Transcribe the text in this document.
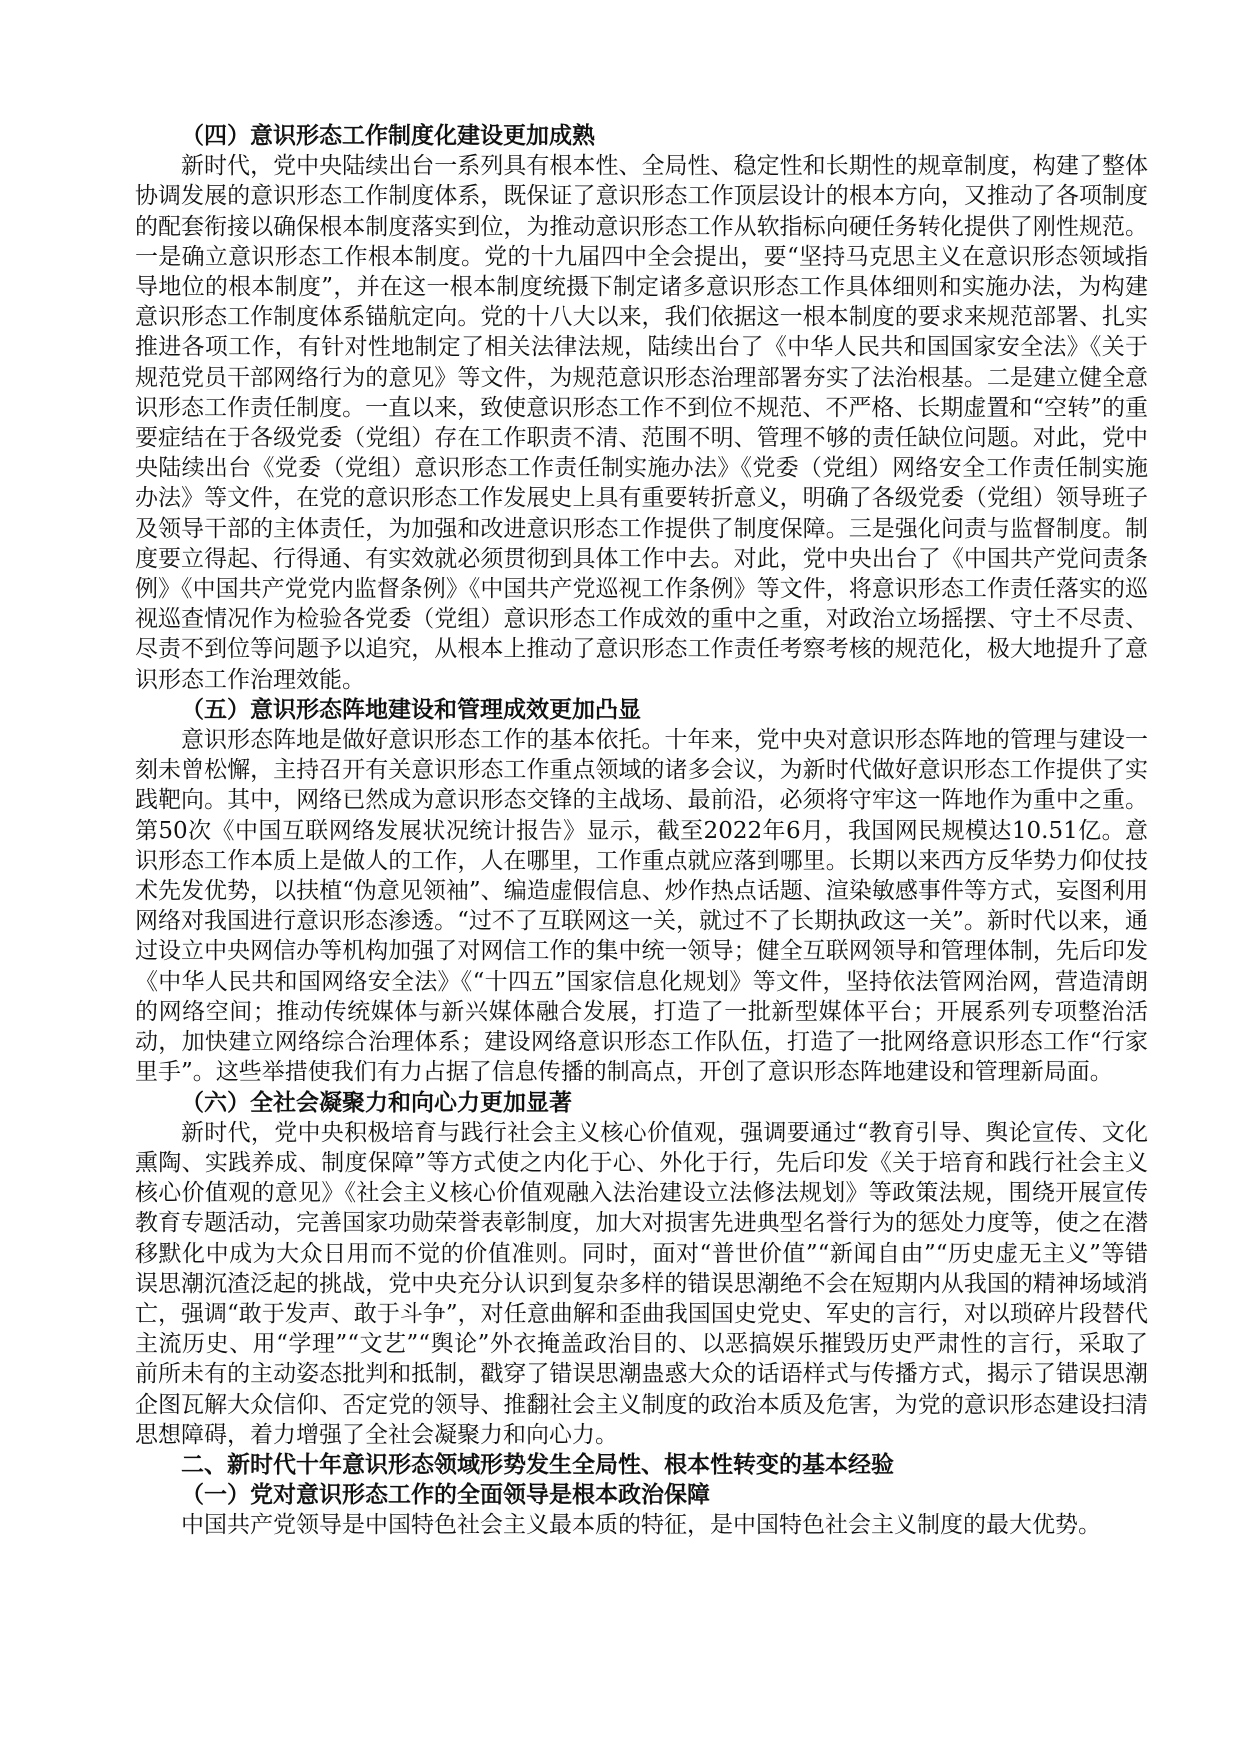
（四）意识形态工作制度化建设更加成熟

新时代，党中央陆续出台一系列具有根本性、全局性、稳定性和长期性的规章制度，构建了整体协调发展的意识形态工作制度体系，既保证了意识形态工作顶层设计的根本方向，又推动了各项制度的配套衔接以确保根本制度落实到位，为推动意识形态工作从软指标向硬任务转化提供了刚性规范。一是确立意识形态工作根本制度。党的十九届四中全会提出，要“坚持马克思主义在意识形态领域指导地位的根本制度”，并在这一根本制度统摄下制定诸多意识形态工作具体细则和实施办法，为构建意识形态工作制度体系锚航定向。党的十八大以来，我们依据这一根本制度的要求来规范部署、扎实推进各项工作，有针对性地制定了相关法律法规，陆续出台了《中华人民共和国国家安全法》《关于规范党员干部网络行为的意见》等文件，为规范意识形态治理部署夯实了法治根基。二是建立健全意识形态工作责任制度。一直以来，致使意识形态工作不到位不规范、不严格、长期虚置和“空转”的重要症结在于各级党委（党组）存在工作职责不清、范围不明、管理不够的责任缺位问题。对此，党中央陆续出台《党委（党组）意识形态工作责任制实施办法》《党委（党组）网络安全工作责任制实施办法》等文件，在党的意识形态工作发展史上具有重要转折意义，明确了各级党委（党组）领导班子及领导干部的主体责任，为加强和改进意识形态工作提供了制度保障。三是强化问责与监督制度。制度要立得起、行得通、有实效就必须贯彻到具体工作中去。对此，党中央出台了《中国共产党问责条例》《中国共产党党内监督条例》《中国共产党巡视工作条例》等文件，将意识形态工作责任落实的巡视巡查情况作为检验各党委（党组）意识形态工作成效的重中之重，对政治立场摇摆、守土不尽责、尽责不到位等问题予以追究，从根本上推动了意识形态工作责任考察考核的规范化，极大地提升了意识形态工作治理效能。

（五）意识形态阵地建设和管理成效更加凸显

意识形态阵地是做好意识形态工作的基本依托。十年来，党中央对意识形态阵地的管理与建设一刻未曾松懈，主持召开有关意识形态工作重点领域的诸多会议，为新时代做好意识形态工作提供了实践靶向。其中，网络已然成为意识形态交锋的主战场、最前沿，必须将守牢这一阵地作为重中之重。第50次《中国互联网络发展状况统计报告》显示，截至2022年6月，我国网民规模达10.51亿。意识形态工作本质上是做人的工作，人在哪里，工作重点就应落到哪里。长期以来西方反华势力仰仗技术先发优势，以扶植“伪意见领袖”、编造虚假信息、炒作热点话题、渲染敏感事件等方式，妄图利用网络对我国进行意识形态渗透。“过不了互联网这一关，就过不了长期执政这一关”。新时代以来，通过设立中央网信办等机构加强了对网信工作的集中统一领导；健全互联网领导和管理体制，先后印发《中华人民共和国网络安全法》《“十四五”国家信息化规划》等文件，坚持依法管网治网，营造清朗的网络空间；推动传统媒体与新兴媒体融合发展，打造了一批新型媒体平台；开展系列专项整治活动，加快建立网络综合治理体系；建设网络意识形态工作队伍，打造了一批网络意识形态工作“行家里手”。这些举措使我们有力占据了信息传播的制高点，开创了意识形态阵地建设和管理新局面。

（六）全社会凝聚力和向心力更加显著

新时代，党中央积极培育与践行社会主义核心价值观，强调要通过“教育引导、舆论宣传、文化熏陶、实践养成、制度保障”等方式使之内化于心、外化于行，先后印发《关于培育和践行社会主义核心价值观的意见》《社会主义核心价值观融入法治建设立法修法规划》等政策法规，围绕开展宣传教育专题活动，完善国家功勋荣誉表彰制度，加大对损害先进典型名誉行为的惩处力度等，使之在潜移默化中成为大众日用而不觉的价值准则。同时，面对“普世价值”“新闻自由”“历史虚无主义”等错误思潮沉渣泛起的挑战，党中央充分认识到复杂多样的错误思潮绝不会在短期内从我国的精神场域消亡，强调“敢于发声、敢于斗争”，对任意曲解和歪曲我国国史党史、军史的言行，对以琐碎片段替代主流历史、用“学理”“文艺”“舆论”外衣掩盖政治目的、以恶搞娱乐摧毁历史严肃性的言行，采取了前所未有的主动姿态批判和抵制，戳穿了错误思潮蛊惑大众的话语样式与传播方式，揭示了错误思潮企图瓦解大众信仰、否定党的领导、推翻社会主义制度的政治本质及危害，为党的意识形态建设扫清思想障碍，着力增强了全社会凝聚力和向心力。

二、新时代十年意识形态领域形势发生全局性、根本性转变的基本经验
（一）党对意识形态工作的全面领导是根本政治保障

中国共产党领导是中国特色社会主义最本质的特征，是中国特色社会主义制度的最大优势。
